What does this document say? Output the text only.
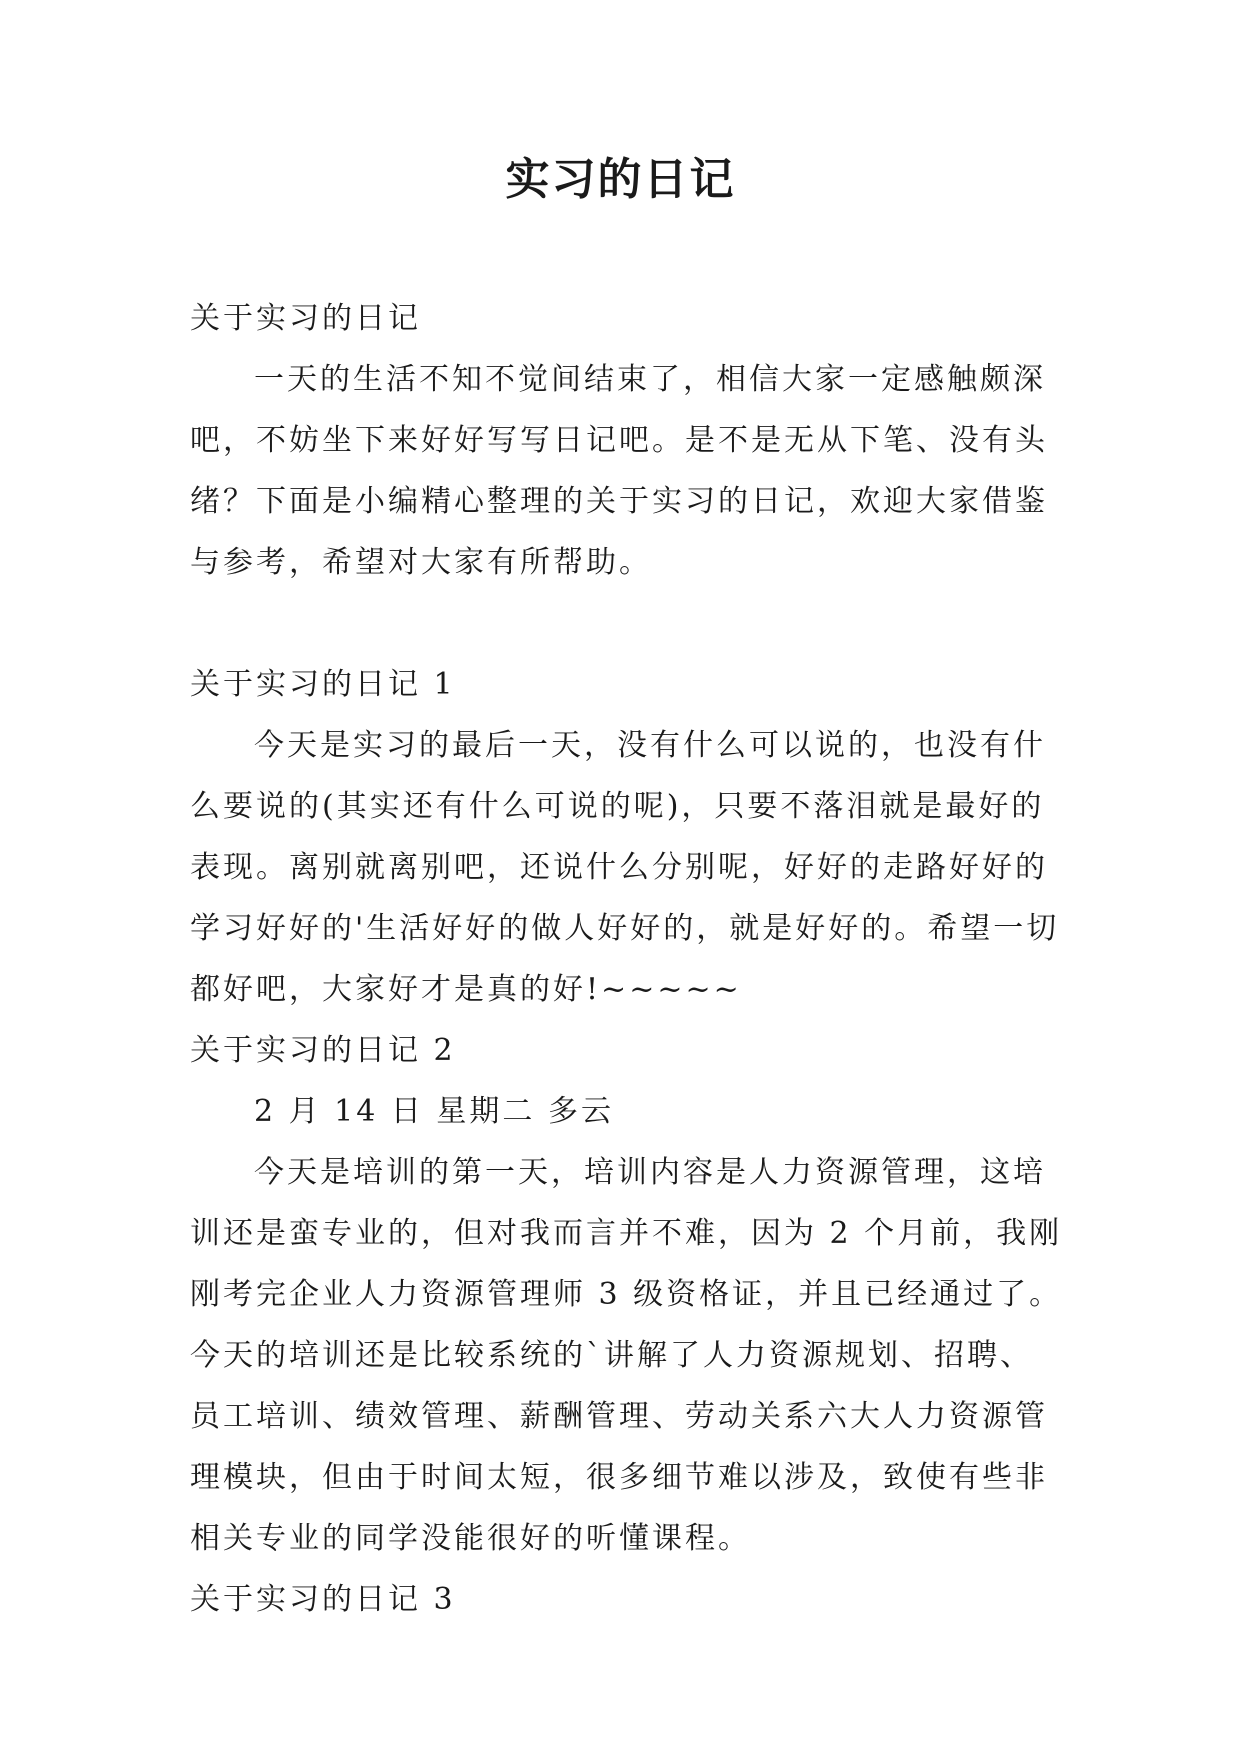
实习的日记

关于实习的日记

一天的生活不知不觉间结束了，相信大家一定感触颇深吧，不妨坐下来好好写写日记吧。是不是无从下笔、没有头绪？下面是小编精心整理的关于实习的日记，欢迎大家借鉴与参考，希望对大家有所帮助。

关于实习的日记 1

今天是实习的最后一天，没有什么可以说的，也没有什么要说的(其实还有什么可说的呢)，只要不落泪就是最好的表现。离别就离别吧，还说什么分别呢，好好的走路好好的学习好好的'生活好好的做人好好的，就是好好的。希望一切都好吧，大家好才是真的好!~~~~~

关于实习的日记 2

2 月 14 日 星期二 多云

今天是培训的第一天，培训内容是人力资源管理，这培训还是蛮专业的，但对我而言并不难，因为 2 个月前，我刚刚考完企业人力资源管理师 3 级资格证，并且已经通过了。今天的培训还是比较系统的`讲解了人力资源规划、招聘、员工培训、绩效管理、薪酬管理、劳动关系六大人力资源管理模块，但由于时间太短，很多细节难以涉及，致使有些非相关专业的同学没能很好的听懂课程。

关于实习的日记 3
